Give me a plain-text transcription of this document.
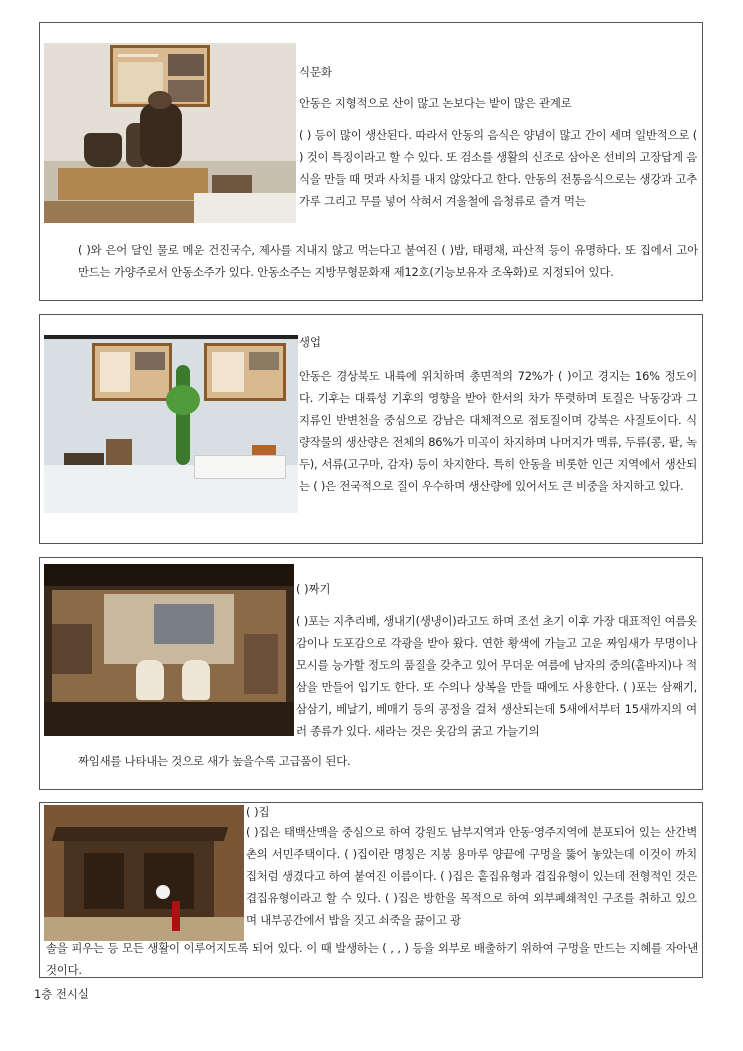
식문화
안동은 지형적으로 산이 많고 논보다는 밭이 많은 관계로
( ) 등이 많이 생산된다. 따라서 안동의 음식은 양념이 많고 간이 세며 일반적으로 ( ) 것이 특징이라고 할 수 있다. 또 검소를 생활의 신조로 삼아온 선비의 고장답게 음식을 만들 때 멋과 사치를 내지 않았다고 한다. 안동의 전통음식으로는 생강과 고추가루 그리고 무를 넣어 삭혀서 겨울철에 음청류로 즐겨 먹는
( )와 은어 달인 물로 메운 건진국수, 제사를 지내지 않고 먹는다고 붙여진 ( )밥, 태평채, 파산적 등이 유명하다. 또 집에서 고아 만드는 가양주로서 안동소주가 있다. 안동소주는 지방무형문화재 제12호(기능보유자 조옥화)로 지정되어 있다.
생업
안동은 경상북도 내륙에 위치하며 총면적의 72%가 ( )이고 경지는 16% 정도이다. 기후는 대륙성 기후의 영향을 받아 한서의 차가 뚜렷하며 토질은 낙동강과 그 지류인 반변천을 중심으로 강남은 대체적으로 점토질이며 강북은 사질토이다. 식량작물의 생산량은 전체의 86%가 미곡이 차지하며 나머지가 맥류, 두류(콩, 팥, 녹두), 서류(고구마, 감자) 등이 차지한다. 특히 안동을 비롯한 인근 지역에서 생산되는 ( )은 전국적으로 질이 우수하며 생산량에 있어서도 큰 비중을 차지하고 있다.
( )짜기
( )포는 지추리베, 생내기(생냉이)라고도 하며 조선 초기 이후 가장 대표적인 여름옷감이나 도포감으로 각광을 받아 왔다. 연한 황색에 가늘고 고운 짜임새가 무명이나 모시를 능가할 정도의 품질을 갖추고 있어 무더운 여름에 남자의 중의(홑바지)나 적삼을 만들어 입기도 한다. 또 수의나 상복을 만들 때에도 사용한다. ( )포는 삼째기, 삼삼기, 베날기, 베매기 등의 공정을 걸쳐 생산되는데 5새에서부터 15새까지의 여러 종류가 있다. 새라는 것은 옷감의 굵고 가늘기의
짜임새를 나타내는 것으로 새가 높을수록 고급품이 된다.
( )집
( )집은 태백산맥을 중심으로 하여 강원도 남부지역과 안동·영주지역에 분포되어 있는 산간벽촌의 서민주택이다. ( )집이란 명칭은 지붕 용마루 양끝에 구멍을 뚫어 놓았는데 이것이 까치집처럼 생겼다고 하여 붙여진 이름이다. ( )집은 홑집유형과 겹집유형이 있는데 전형적인 것은 겹집유형이라고 할 수 있다. ( )집은 방한을 목적으로 하여 외부폐쇄적인 구조를 취하고 있으며 내부공간에서 밥을 짓고 쇠죽을 끓이고 광
솔을 피우는 등 모든 생활이 이루어지도록 되어 있다. 이 때 발생하는 ( , , ) 등을 외부로 배출하기 위하여 구멍을 만드는 지혜를 자아낸 것이다.
1층 전시실
